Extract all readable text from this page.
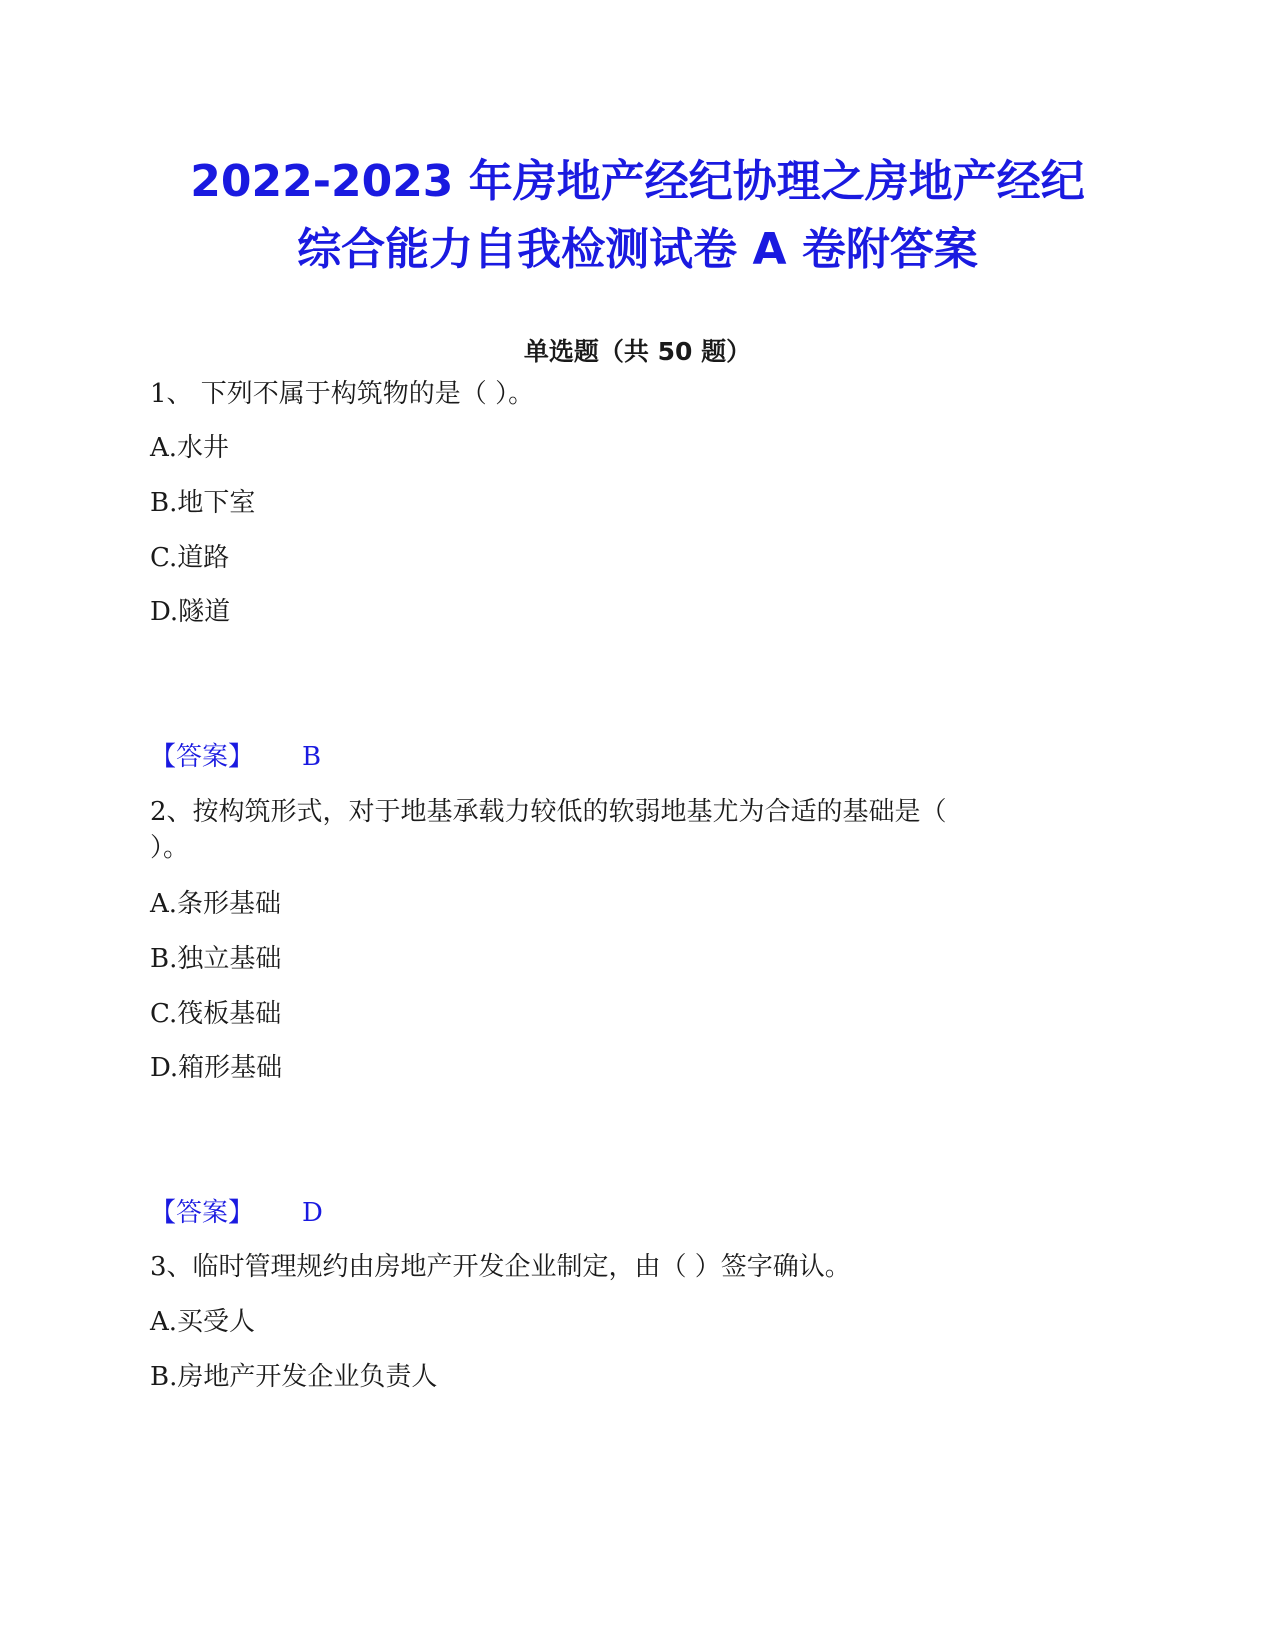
2022-2023 年房地产经纪协理之房地产经纪
综合能力自我检测试卷 A 卷附答案
单选题（共 50 题）
1、 下列不属于构筑物的是（ ）。
A.水井
B.地下室
C.道路
D.隧道
【答案】 B
2、按构筑形式，对于地基承载力较低的软弱地基尤为合适的基础是（
）。
A.条形基础
B.独立基础
C.筏板基础
D.箱形基础
【答案】 D
3、临时管理规约由房地产开发企业制定，由（ ）签字确认。
A.买受人
B.房地产开发企业负责人
